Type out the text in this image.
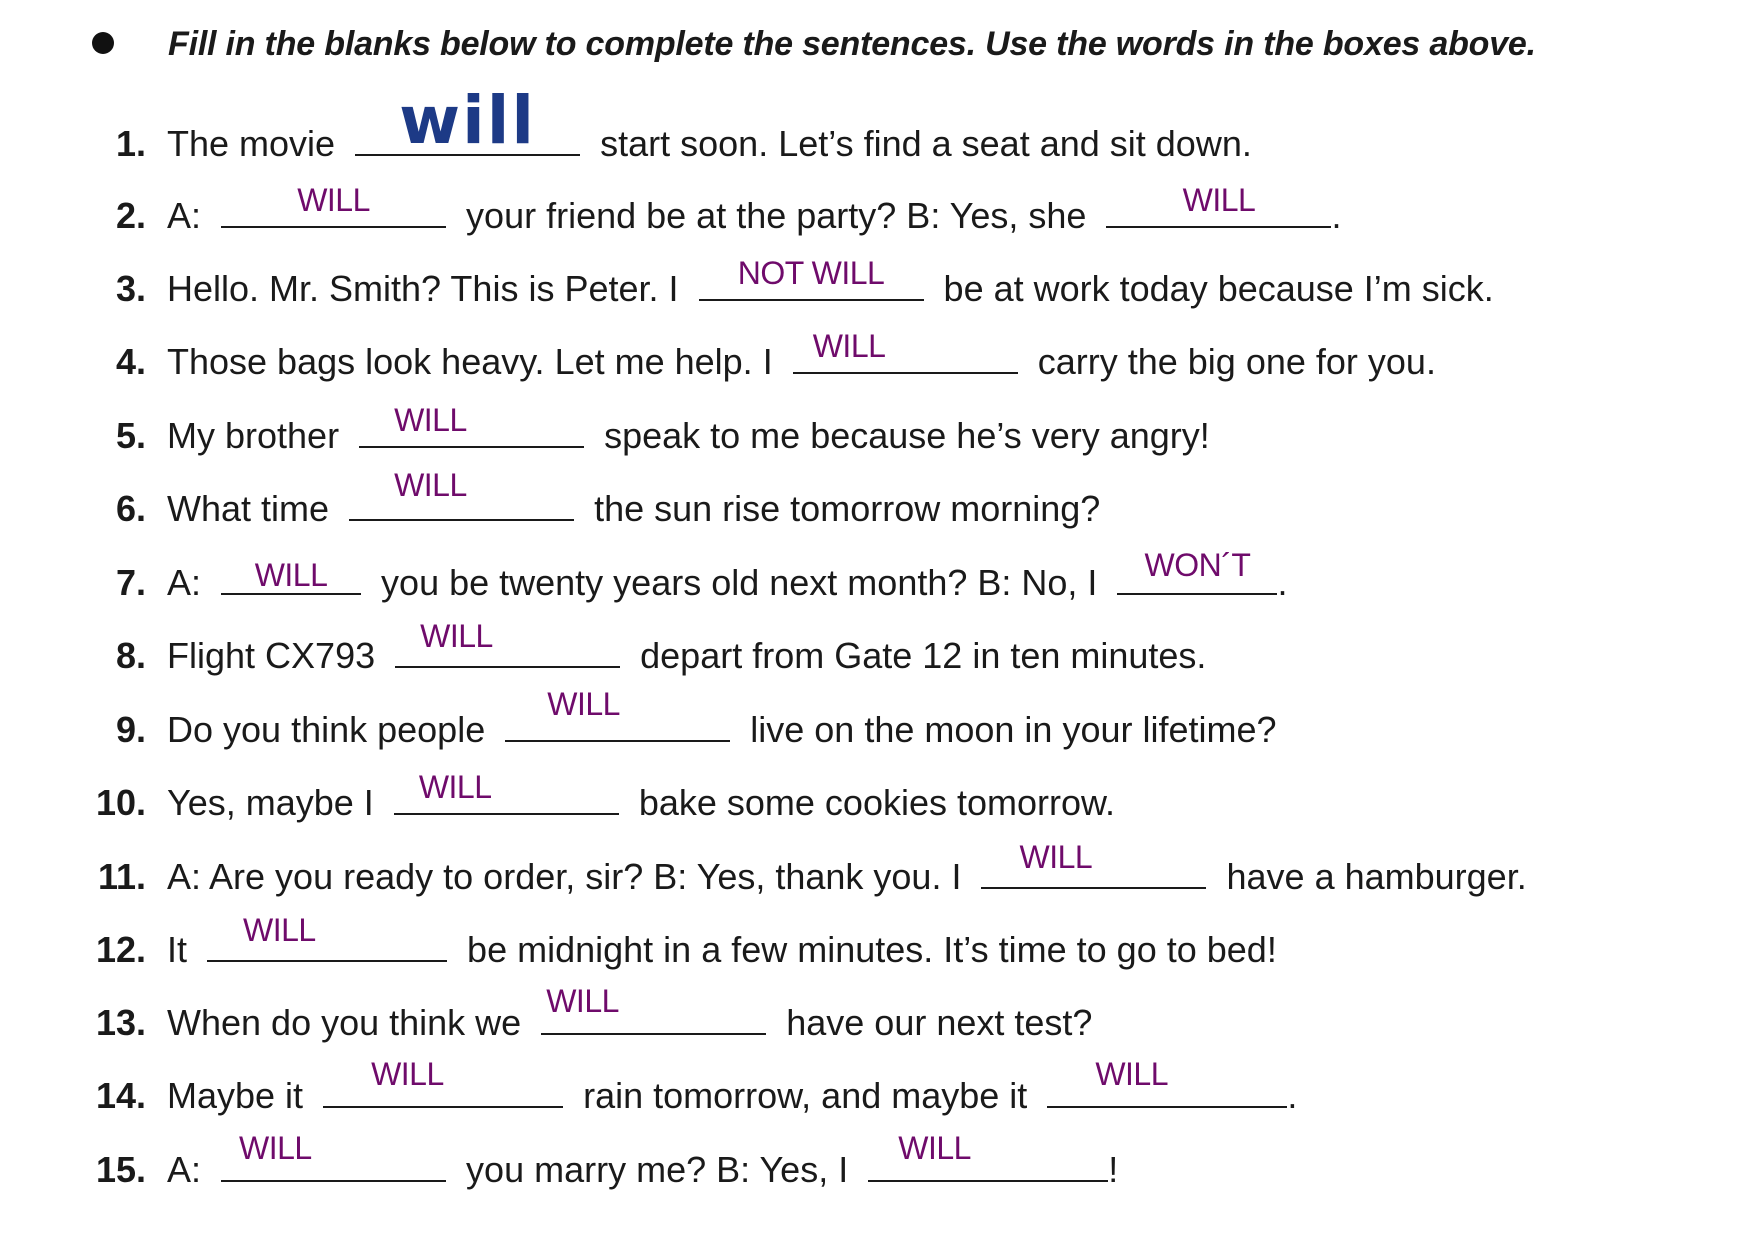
Fill in the blanks below to complete the sentences. Use the words in the boxes above.
1. The movie will	start soon. Let’s find a seat and sit down.
2. A:	WILL	your friend be at the party? B: Yes, she	WILL	.
3. Hello. Mr. Smith? This is Peter. I	NOT WILL	be at work today because I’m sick.
4. Those bags look heavy. Let me help. I	WILL	carry the big one for you.
5. My brother	WILL	speak to me because he’s very angry!
6. What time
WILL
the sun rise tomorrow morning?
7. A:	WILL	you be twenty years old next month? B: No, I	WON´T .
8. Flight CX793	WILL	depart from Gate 12 in ten minutes.
9. Do you think people
WILL
live on the moon in your lifetime?
10. Yes, maybe I	WILL	bake some cookies tomorrow.
11. A: Are you ready to order, sir? B: Yes, thank you. I	WILL	have a hamburger.
12. It	WILL	be midnight in a few minutes. It’s time to go to bed!
13. When do you think we
WILL
have our next test?
14. Maybe it
WILL
rain tomorrow, and maybe it
WILL
.
15. A:
WILL
you marry me? B: Yes, I
WILL
!
